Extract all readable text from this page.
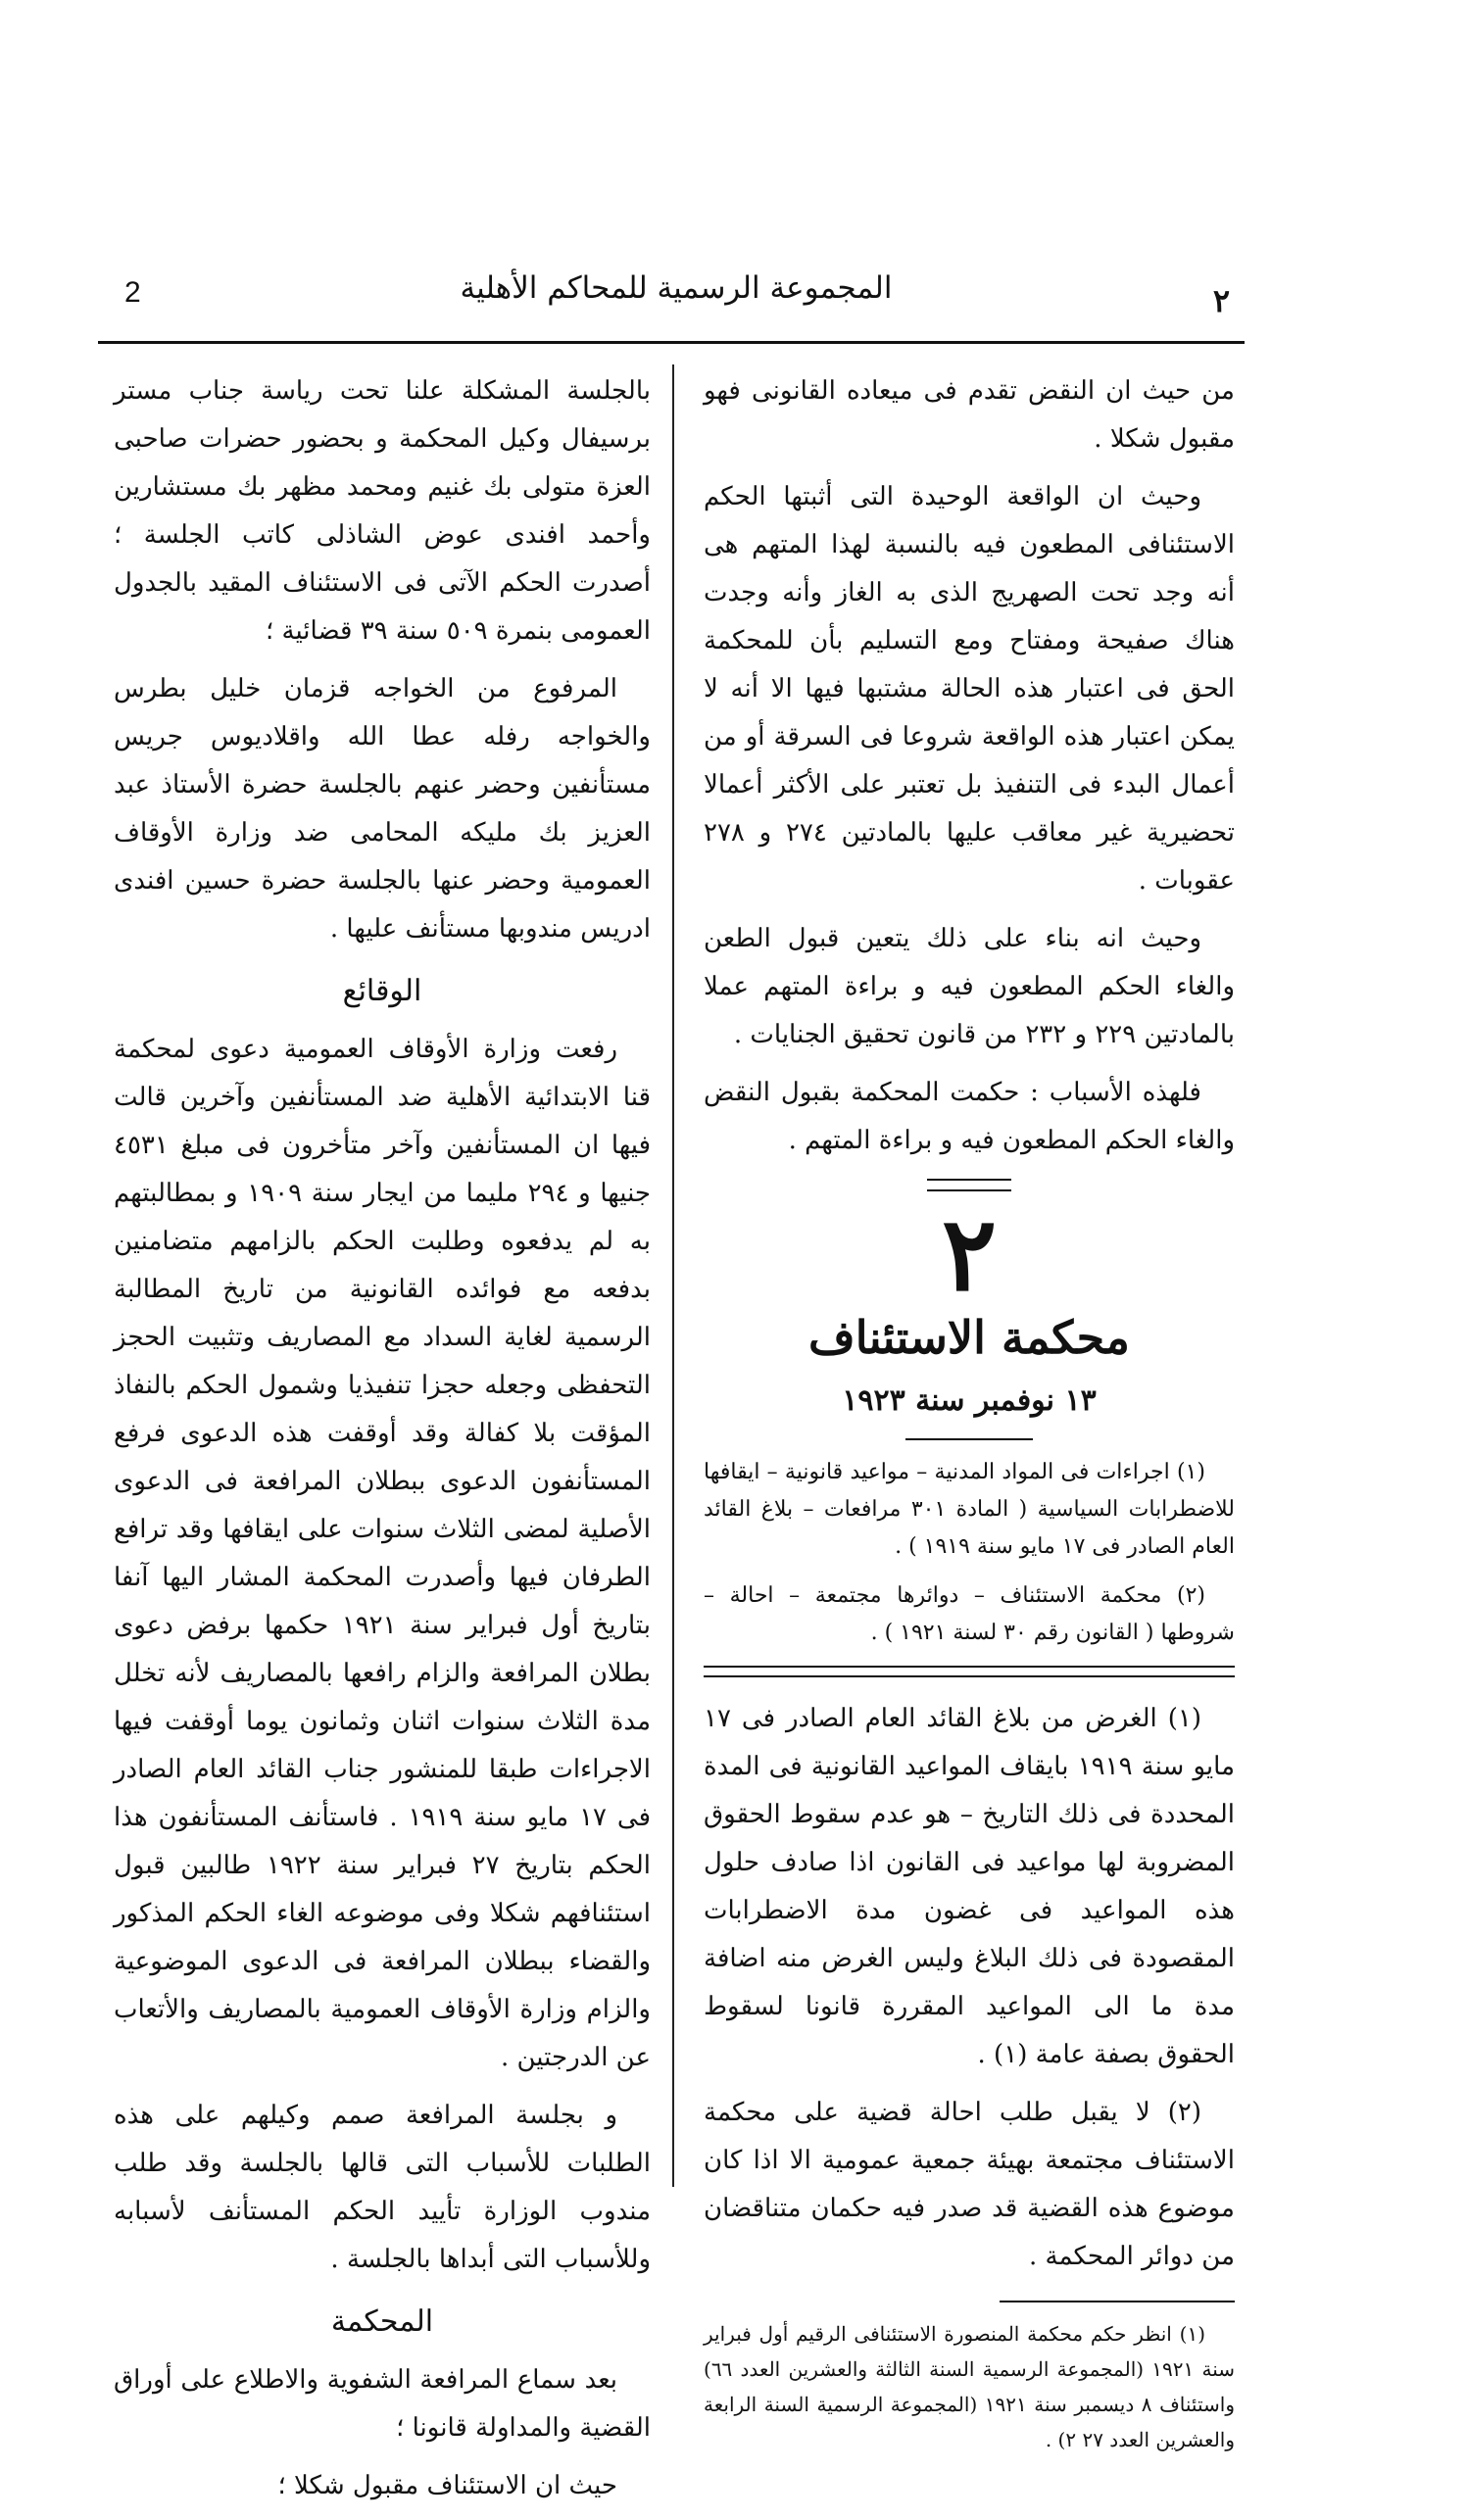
2	المجموعة الرسمية للمحاكم الأهلية	٢

من حيث ان النقض تقدم فى ميعاده القانونى فهو مقبول شكلا .

وحيث ان الواقعة الوحيدة التى أثبتها الحكم الاستئنافى المطعون فيه بالنسبة لهذا المتهم هى أنه وجد تحت الصهريج الذى به الغاز وأنه وجدت هناك صفيحة ومفتاح ومع التسليم بأن للمحكمة الحق فى اعتبار هذه الحالة مشتبها فيها الا أنه لا يمكن اعتبار هذه الواقعة شروعا فى السرقة أو من أعمال البدء فى التنفيذ بل تعتبر على الأكثر أعمالا تحضيرية غير معاقب عليها بالمادتين ٢٧٤ و ٢٧٨ عقوبات .

وحيث انه بناء على ذلك يتعين قبول الطعن والغاء الحكم المطعون فيه و براءة المتهم عملا بالمادتين ٢٢٩ و ٢٣٢ من قانون تحقيق الجنايات .

فلهذه الأسباب : حكمت المحكمة بقبول النقض والغاء الحكم المطعون فيه و براءة المتهم .

٢
محكمة الاستئناف
١٣ نوفمبر سنة ١٩٢٣

(١) اجراءات فى المواد المدنية – مواعيد قانونية – ايقافها للاضطرابات السياسية ( المادة ٣٠١ مرافعات – بلاغ القائد العام الصادر فى ١٧ مايو سنة ١٩١٩ ) .

(٢) محكمة الاستئناف – دوائرها مجتمعة – احالة – شروطها ( القانون رقم ٣٠ لسنة ١٩٢١ ) .

(١) الغرض من بلاغ القائد العام الصادر فى ١٧ مايو سنة ١٩١٩ بايقاف المواعيد القانونية فى المدة المحددة فى ذلك التاريخ – هو عدم سقوط الحقوق المضروبة لها مواعيد فى القانون اذا صادف حلول هذه المواعيد فى غضون مدة الاضطرابات المقصودة فى ذلك البلاغ وليس الغرض منه اضافة مدة ما الى المواعيد المقررة قانونا لسقوط الحقوق بصفة عامة (١) .

(٢) لا يقبل طلب احالة قضية على محكمة الاستئناف مجتمعة بهيئة جمعية عمومية الا اذا كان موضوع هذه القضية قد صدر فيه حكمان متناقضان من دوائر المحكمة .

(١) انظر حكم محكمة المنصورة الاستئنافى الرقيم أول فبراير سنة ١٩٢١ (المجموعة الرسمية السنة الثالثة والعشرين العدد ٦٦) واستئناف ٨ ديسمبر سنة ١٩٢١ (المجموعة الرسمية السنة الرابعة والعشرين العدد ٢٧ ٢) .

بالجلسة المشكلة علنا تحت رياسة جناب مستر برسيفال وكيل المحكمة و بحضور حضرات صاحبى العزة متولى بك غنيم ومحمد مظهر بك مستشارين وأحمد افندى عوض الشاذلى كاتب الجلسة ؛ أصدرت الحكم الآتى فى الاستئناف المقيد بالجدول العمومى بنمرة ٥٠٩ سنة ٣٩ قضائية ؛

المرفوع من الخواجه قزمان خليل بطرس والخواجه رفله عطا الله واقلاديوس جريس مستأنفين وحضر عنهم بالجلسة حضرة الأستاذ عبد العزيز بك مليكه المحامى ضد وزارة الأوقاف العمومية وحضر عنها بالجلسة حضرة حسين افندى ادريس مندوبها مستأنف عليها .

الوقائع

رفعت وزارة الأوقاف العمومية دعوى لمحكمة قنا الابتدائية الأهلية ضد المستأنفين وآخرين قالت فيها ان المستأنفين وآخر متأخرون فى مبلغ ٤٥٣١ جنيها و ٢٩٤ مليما من ايجار سنة ١٩٠٩ و بمطالبتهم به لم يدفعوه وطلبت الحكم بالزامهم متضامنين بدفعه مع فوائده القانونية من تاريخ المطالبة الرسمية لغاية السداد مع المصاريف وتثبيت الحجز التحفظى وجعله حجزا تنفيذيا وشمول الحكم بالنفاذ المؤقت بلا كفالة وقد أوقفت هذه الدعوى فرفع المستأنفون الدعوى ببطلان المرافعة فى الدعوى الأصلية لمضى الثلاث سنوات على ايقافها وقد ترافع الطرفان فيها وأصدرت المحكمة المشار اليها آنفا بتاريخ أول فبراير سنة ١٩٢١ حكمها برفض دعوى بطلان المرافعة والزام رافعها بالمصاريف لأنه تخلل مدة الثلاث سنوات اثنان وثمانون يوما أوقفت فيها الاجراءات طبقا للمنشور جناب القائد العام الصادر فى ١٧ مايو سنة ١٩١٩ . فاستأنف المستأنفون هذا الحكم بتاريخ ٢٧ فبراير سنة ١٩٢٢ طالبين قبول استئنافهم شكلا وفى موضوعه الغاء الحكم المذكور والقضاء ببطلان المرافعة فى الدعوى الموضوعية والزام وزارة الأوقاف العمومية بالمصاريف والأتعاب عن الدرجتين .

و بجلسة المرافعة صمم وكيلهم على هذه الطلبات للأسباب التى قالها بالجلسة وقد طلب مندوب الوزارة تأييد الحكم المستأنف لأسبابه وللأسباب التى أبداها بالجلسة .

المحكمة

بعد سماع المرافعة الشفوية والاطلاع على أوراق القضية والمداولة قانونا ؛

حيث ان الاستئناف مقبول شكلا ؛
